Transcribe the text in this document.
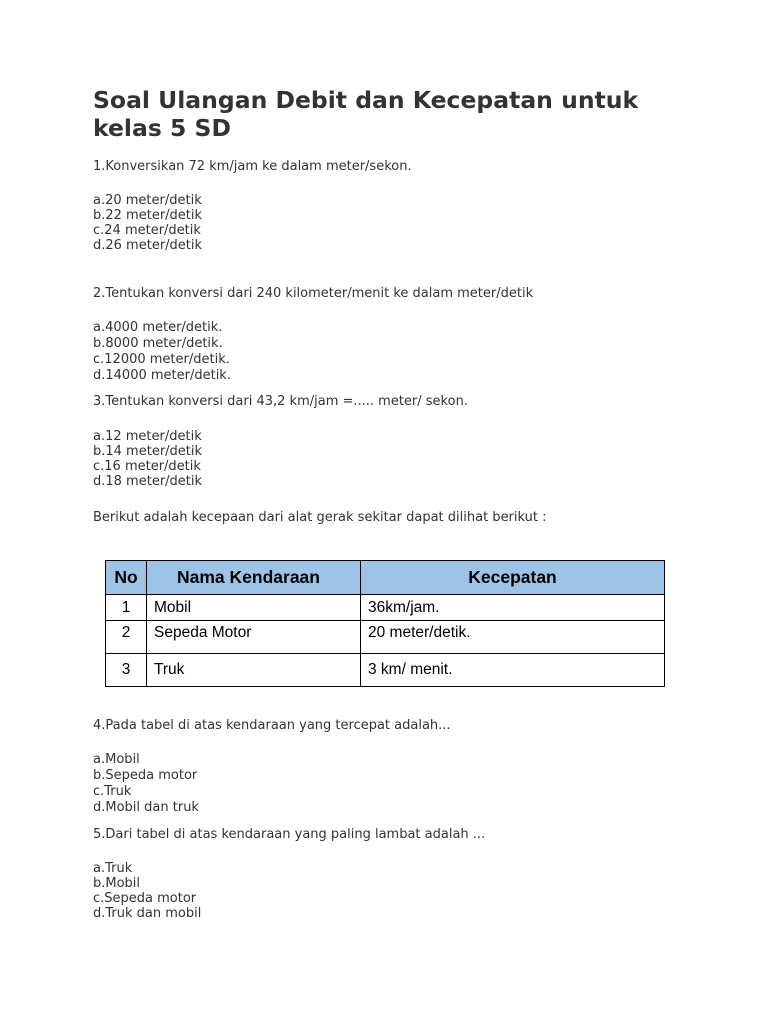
Soal Ulangan Debit dan Kecepatan untuk kelas 5 SD
1.Konversikan 72 km/jam ke dalam meter/sekon.
a.20 meter/detik
b.22 meter/detik
c.24 meter/detik
d.26 meter/detik
2.Tentukan konversi dari 240 kilometer/menit ke dalam meter/detik
a.4000 meter/detik.
b.8000 meter/detik.
c.12000 meter/detik.
d.14000 meter/detik.
3.Tentukan konversi dari 43,2 km/jam =..... meter/ sekon.
a.12 meter/detik
b.14 meter/detik
c.16 meter/detik
d.18 meter/detik
Berikut adalah kecepaan dari alat gerak sekitar dapat dilihat berikut :
No	Nama Kendaraan	Kecepatan
1	Mobil	36km/jam.
2	Sepeda Motor	20 meter/detik.
3	Truk	3 km/ menit.
4.Pada tabel di atas kendaraan yang tercepat adalah...
a.Mobil
b.Sepeda motor
c.Truk
d.Mobil dan truk
5.Dari tabel di atas kendaraan yang paling lambat adalah ...
a.Truk
b.Mobil
c.Sepeda motor
d.Truk dan mobil
